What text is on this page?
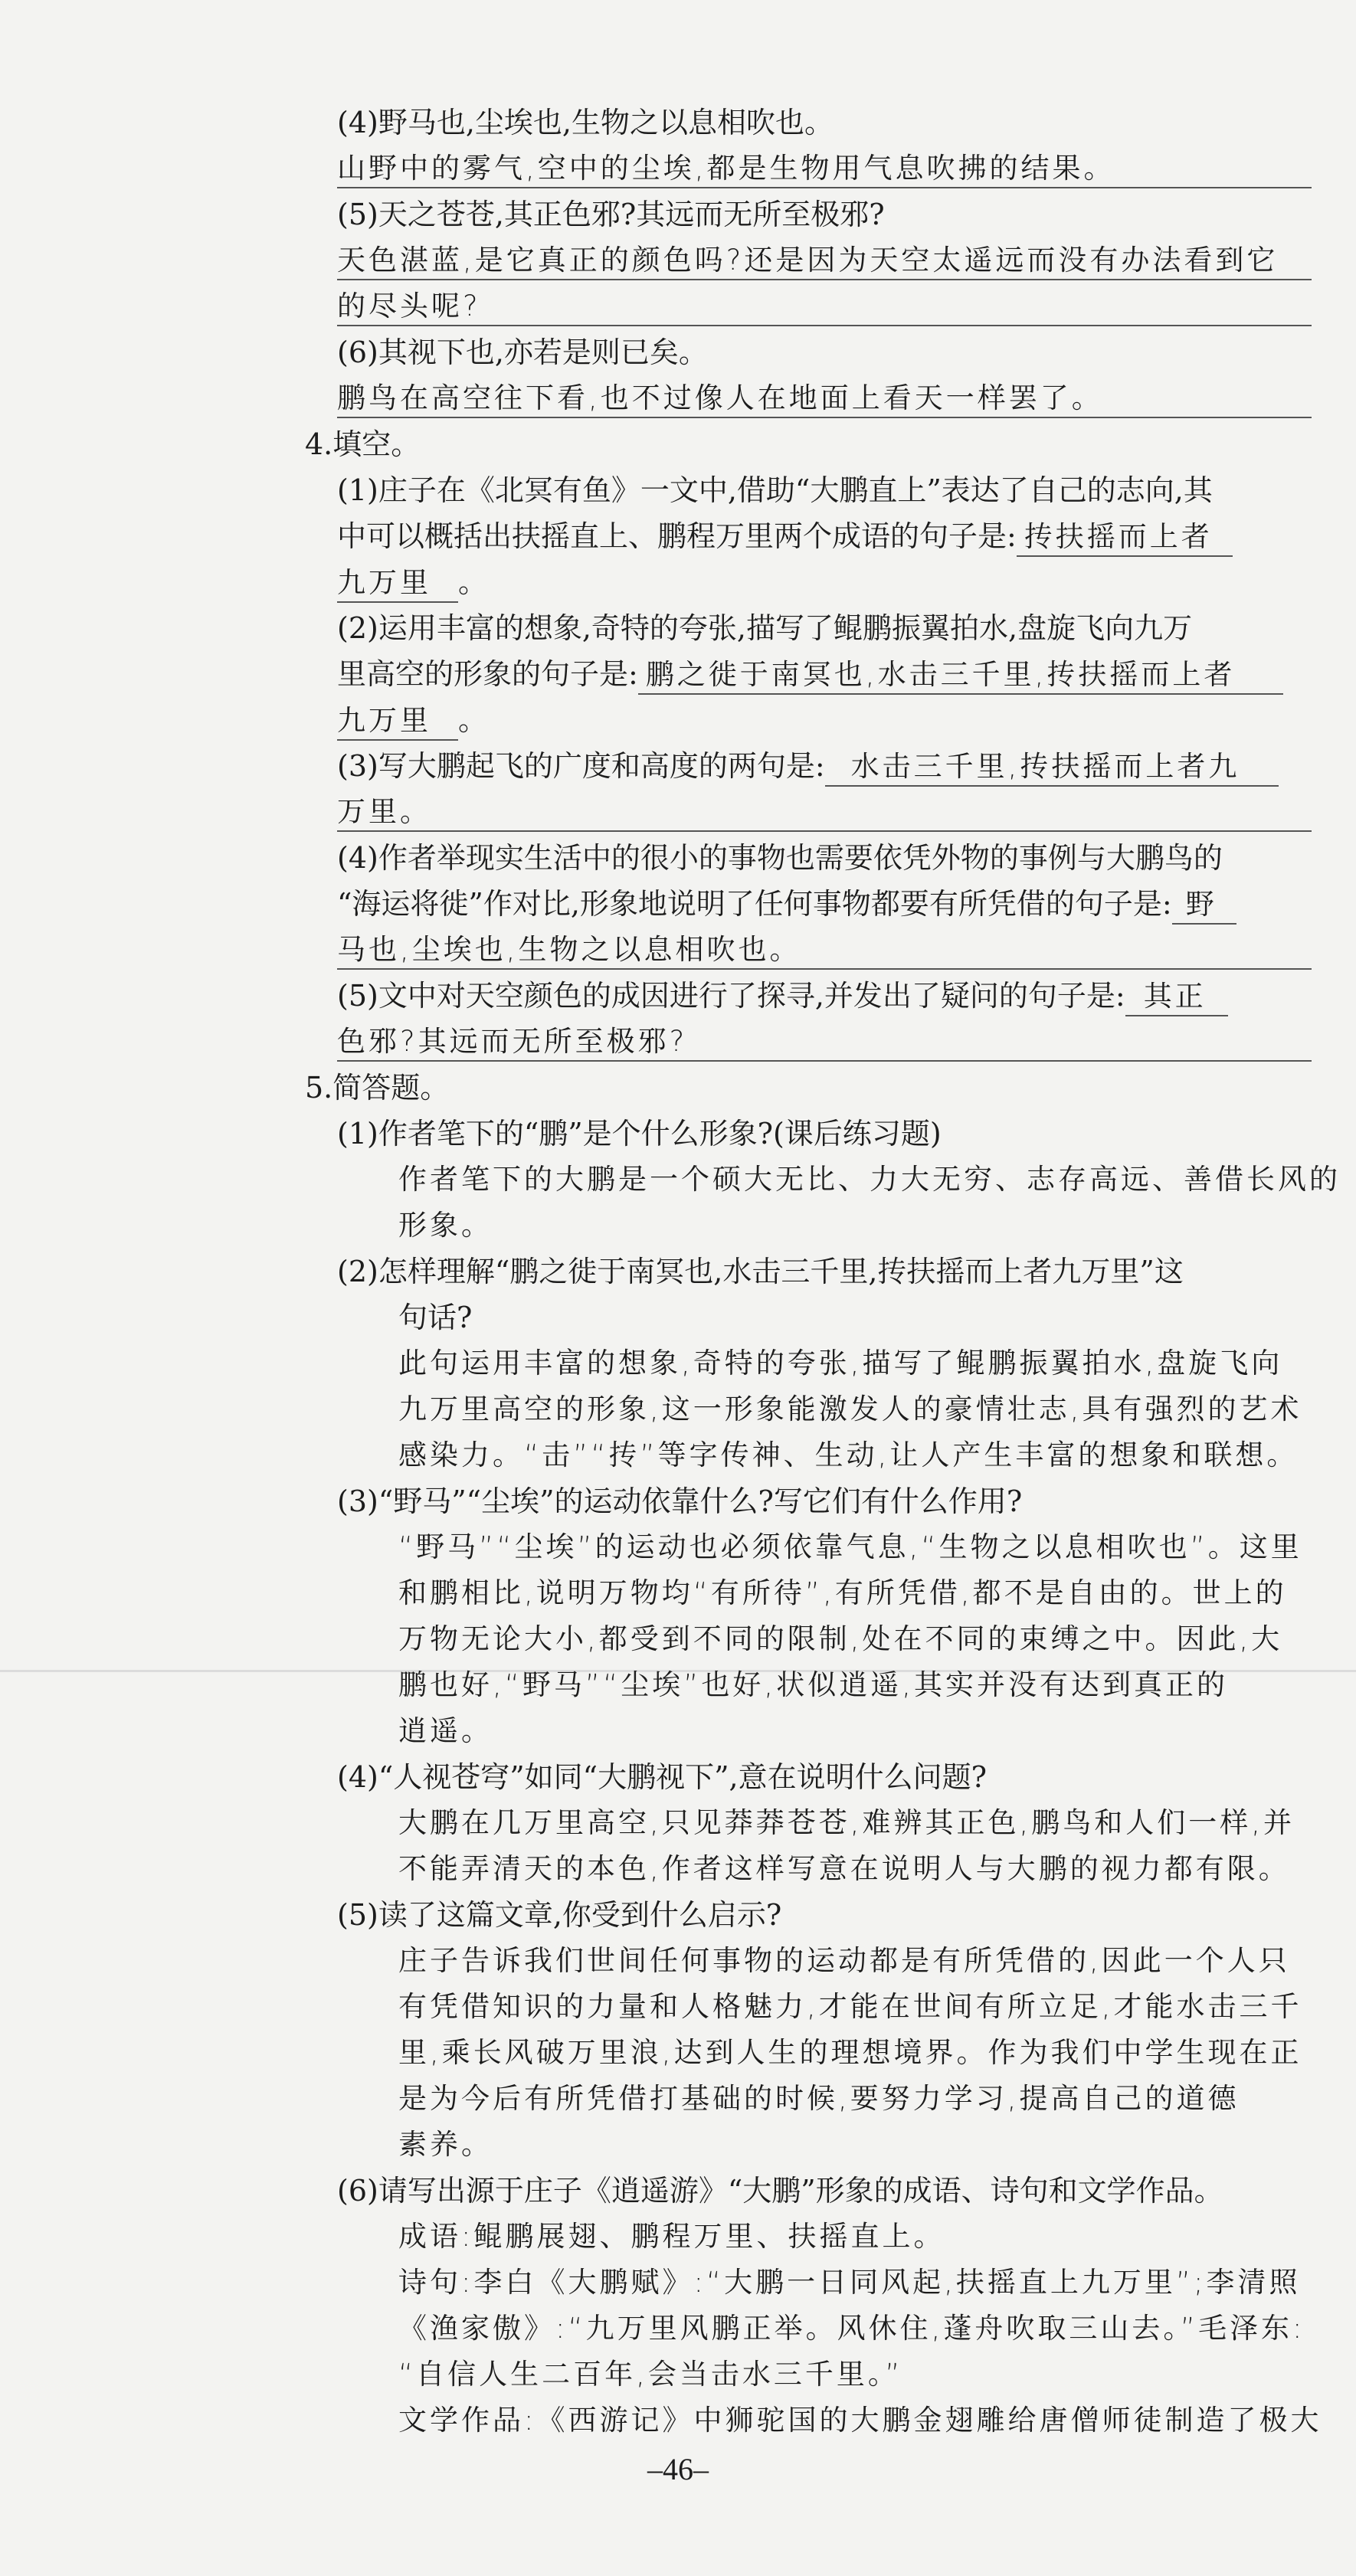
(4)野马也,尘埃也,生物之以息相吹也。
山野中的雾气,空中的尘埃,都是生物用气息吹拂的结果。
(5)天之苍苍,其正色邪?其远而无所至极邪?
天色湛蓝,是它真正的颜色吗?还是因为天空太遥远而没有办法看到它
的尽头呢?
(6)其视下也,亦若是则已矣。
鹏鸟在高空往下看,也不过像人在地面上看天一样罢了。
4.填空。
(1)庄子在《北冥有鱼》一文中,借助“大鹏直上”表达了自己的志向,其
中可以概括出扶摇直上、鹏程万里两个成语的句子是: 抟扶摇而上者
九万里 。
(2)运用丰富的想象,奇特的夸张,描写了鲲鹏振翼拍水,盘旋飞向九万
里高空的形象的句子是: 鹏之徙于南冥也,水击三千里,抟扶摇而上者
九万里 。
(3)写大鹏起飞的广度和高度的两句是: 水击三千里,抟扶摇而上者九
万里。
(4)作者举现实生活中的很小的事物也需要依凭外物的事例与大鹏鸟的
“海运将徙”作对比,形象地说明了任何事物都要有所凭借的句子是: 野
马也,尘埃也,生物之以息相吹也。
(5)文中对天空颜色的成因进行了探寻,并发出了疑问的句子是: 其正
色邪?其远而无所至极邪?
5.简答题。
(1)作者笔下的“鹏”是个什么形象?(课后练习题)
作者笔下的大鹏是一个硕大无比、力大无穷、志存高远、善借长风的
形象。
(2)怎样理解“鹏之徙于南冥也,水击三千里,抟扶摇而上者九万里”这
句话?
此句运用丰富的想象,奇特的夸张,描写了鲲鹏振翼拍水,盘旋飞向
九万里高空的形象,这一形象能激发人的豪情壮志,具有强烈的艺术
感染力。“击”“抟”等字传神、生动,让人产生丰富的想象和联想。
(3)“野马”“尘埃”的运动依靠什么?写它们有什么作用?
“野马”“尘埃”的运动也必须依靠气息,“生物之以息相吹也”。这里
和鹏相比,说明万物均“有所待”,有所凭借,都不是自由的。世上的
万物无论大小,都受到不同的限制,处在不同的束缚之中。因此,大
鹏也好,“野马”“尘埃”也好,状似逍遥,其实并没有达到真正的
逍遥。
(4)“人视苍穹”如同“大鹏视下”,意在说明什么问题?
大鹏在几万里高空,只见莽莽苍苍,难辨其正色,鹏鸟和人们一样,并
不能弄清天的本色,作者这样写意在说明人与大鹏的视力都有限。
(5)读了这篇文章,你受到什么启示?
庄子告诉我们世间任何事物的运动都是有所凭借的,因此一个人只
有凭借知识的力量和人格魅力,才能在世间有所立足,才能水击三千
里,乘长风破万里浪,达到人生的理想境界。作为我们中学生现在正
是为今后有所凭借打基础的时候,要努力学习,提高自己的道德
素养。
(6)请写出源于庄子《逍遥游》“大鹏”形象的成语、诗句和文学作品。
成语:鲲鹏展翅、鹏程万里、扶摇直上。
诗句:李白《大鹏赋》:“大鹏一日同风起,扶摇直上九万里”;李清照
《渔家傲》:“九万里风鹏正举。风休住,蓬舟吹取三山去。”毛泽东:
“自信人生二百年,会当击水三千里。”
文学作品:《西游记》中狮驼国的大鹏金翅雕给唐僧师徒制造了极大
–46–
